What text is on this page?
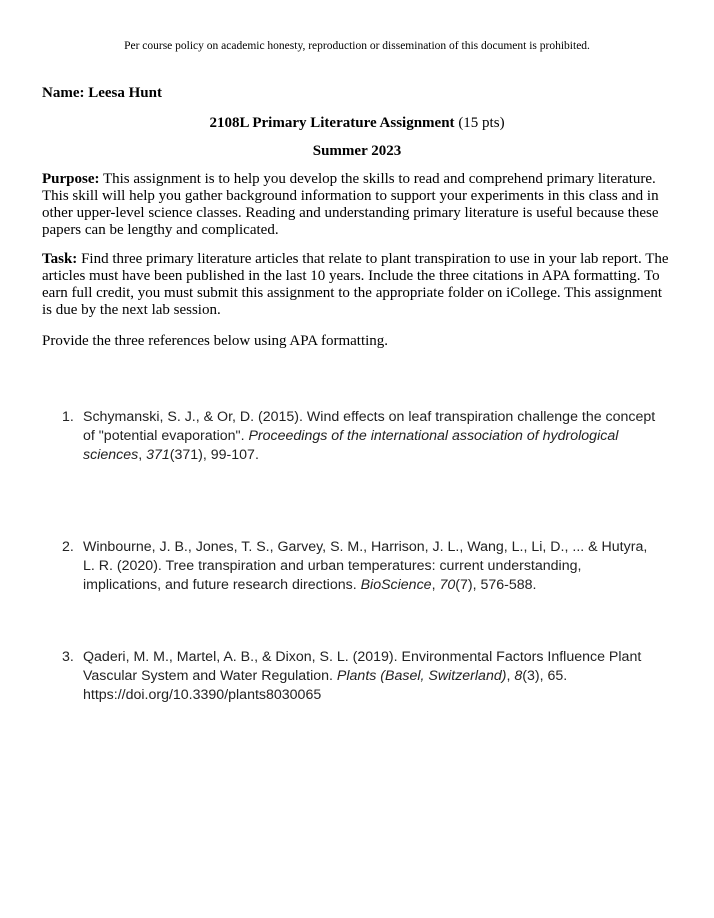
Per course policy on academic honesty, reproduction or dissemination of this document is prohibited.
Name: Leesa Hunt
2108L Primary Literature Assignment (15 pts)
Summer 2023
Purpose: This assignment is to help you develop the skills to read and comprehend primary literature. This skill will help you gather background information to support your experiments in this class and in other upper-level science classes. Reading and understanding primary literature is useful because these papers can be lengthy and complicated.
Task: Find three primary literature articles that relate to plant transpiration to use in your lab report. The articles must have been published in the last 10 years. Include the three citations in APA formatting. To earn full credit, you must submit this assignment to the appropriate folder on iCollege. This assignment is due by the next lab session.
Provide the three references below using APA formatting.
1. Schymanski, S. J., & Or, D. (2015). Wind effects on leaf transpiration challenge the concept of "potential evaporation". Proceedings of the international association of hydrological sciences, 371(371), 99-107.
2. Winbourne, J. B., Jones, T. S., Garvey, S. M., Harrison, J. L., Wang, L., Li, D., ... & Hutyra, L. R. (2020). Tree transpiration and urban temperatures: current understanding, implications, and future research directions. BioScience, 70(7), 576-588.
3. Qaderi, M. M., Martel, A. B., & Dixon, S. L. (2019). Environmental Factors Influence Plant Vascular System and Water Regulation. Plants (Basel, Switzerland), 8(3), 65. https://doi.org/10.3390/plants8030065
